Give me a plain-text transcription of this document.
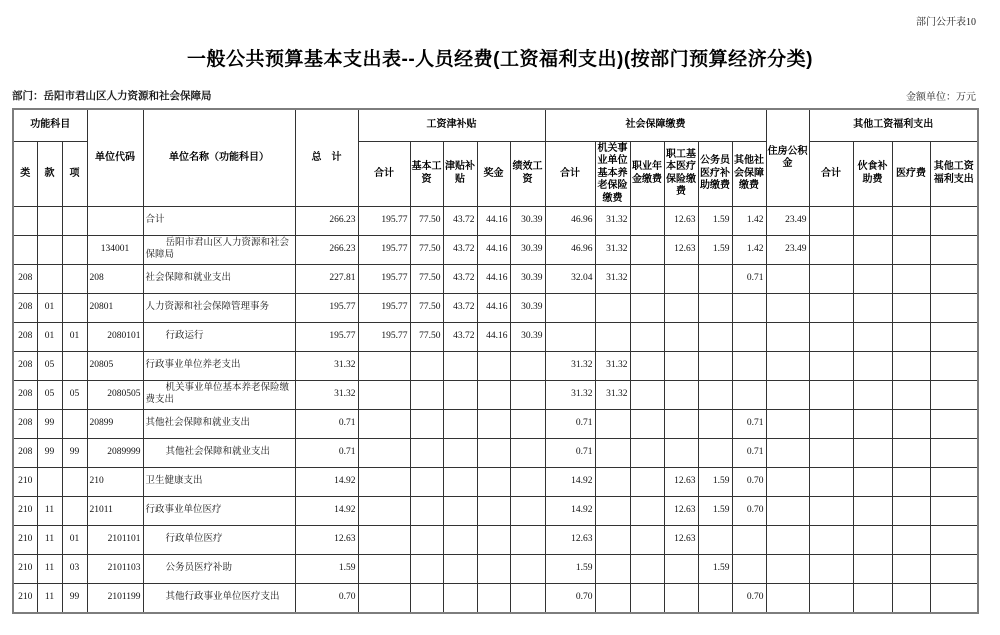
部门公开表10
一般公共预算基本支出表--人员经费(工资福利支出)(按部门预算经济分类)
部门：岳阳市君山区人力资源和社会保障局	金额单位：万元
功能科目			单位代码	单位名称（功能科目）	总　计	工资津补贴					社会保障缴费						住房公积金	其他工资福利支出			
类	款	项				合计	基本工资	津贴补贴	奖金	绩效工资	合计	机关事业单位基本养老保险缴费	职业年金缴费	职工基本医疗保险缴费	公务员医疗补助缴费	其他社会保障缴费		合计	伙食补助费	医疗费	其他工资福利支出
				合计	266.23	195.77	77.50	43.72	44.16	30.39	46.96	31.32		12.63	1.59	1.42	23.49				
			134001	岳阳市君山区人力资源和社会保障局	266.23	195.77	77.50	43.72	44.16	30.39	46.96	31.32		12.63	1.59	1.42	23.49				
208			208	社会保障和就业支出	227.81	195.77	77.50	43.72	44.16	30.39	32.04	31.32				0.71					
208	01		20801	人力资源和社会保障管理事务	195.77	195.77	77.50	43.72	44.16	30.39											
208	01	01	2080101	行政运行	195.77	195.77	77.50	43.72	44.16	30.39											
208	05		20805	行政事业单位养老支出	31.32						31.32	31.32									
208	05	05	2080505	机关事业单位基本养老保险缴费支出	31.32						31.32	31.32									
208	99		20899	其他社会保障和就业支出	0.71						0.71					0.71					
208	99	99	2089999	其他社会保障和就业支出	0.71						0.71					0.71					
210			210	卫生健康支出	14.92						14.92			12.63	1.59	0.70					
210	11		21011	行政事业单位医疗	14.92						14.92			12.63	1.59	0.70					
210	11	01	2101101	行政单位医疗	12.63						12.63			12.63							
210	11	03	2101103	公务员医疗补助	1.59						1.59				1.59						
210	11	99	2101199	其他行政事业单位医疗支出	0.70						0.70					0.70					
